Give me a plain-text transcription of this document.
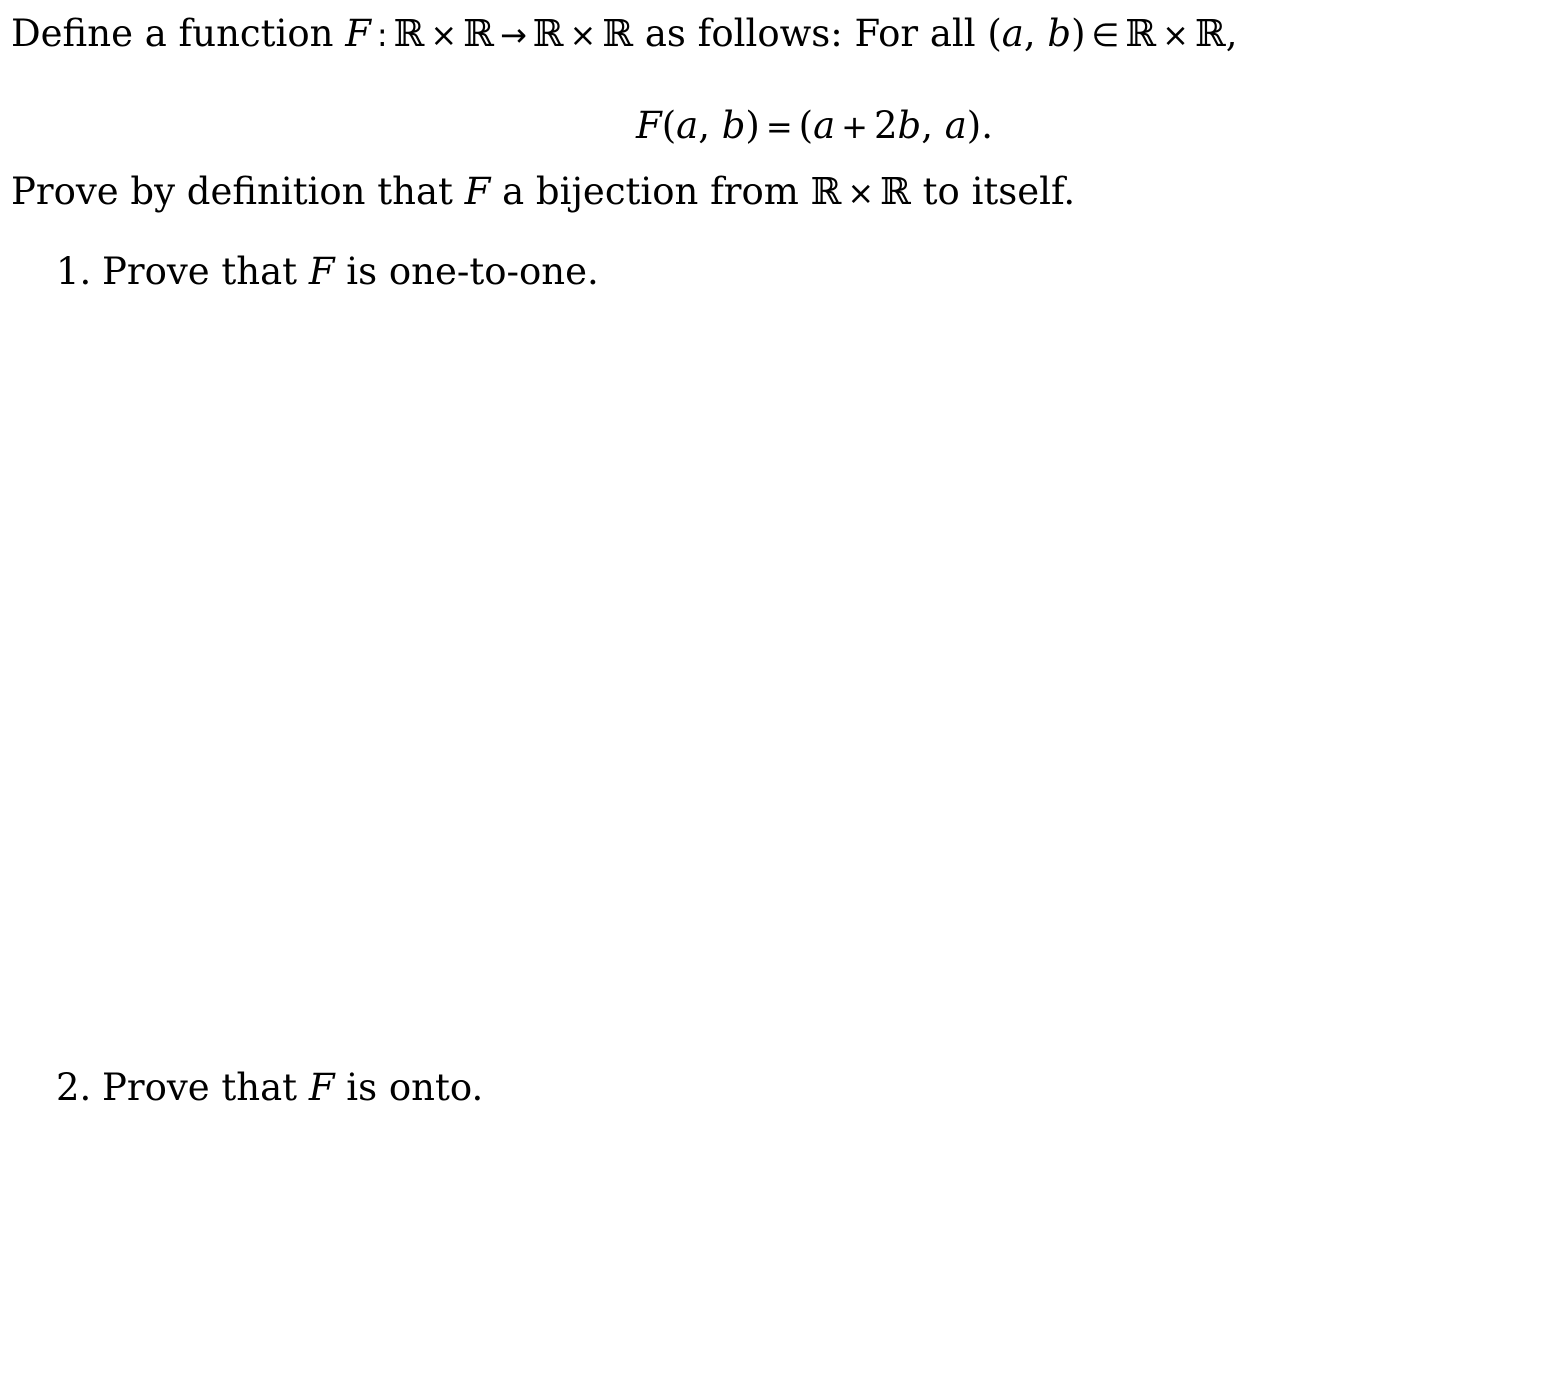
Define a function F : ℝ × ℝ → ℝ × ℝ as follows: For all (a, b) ∈ ℝ × ℝ,
F(a, b) = (a + 2b, a).
Prove by definition that F a bijection from ℝ × ℝ to itself.
1. Prove that F is one-to-one.
2. Prove that F is onto.
